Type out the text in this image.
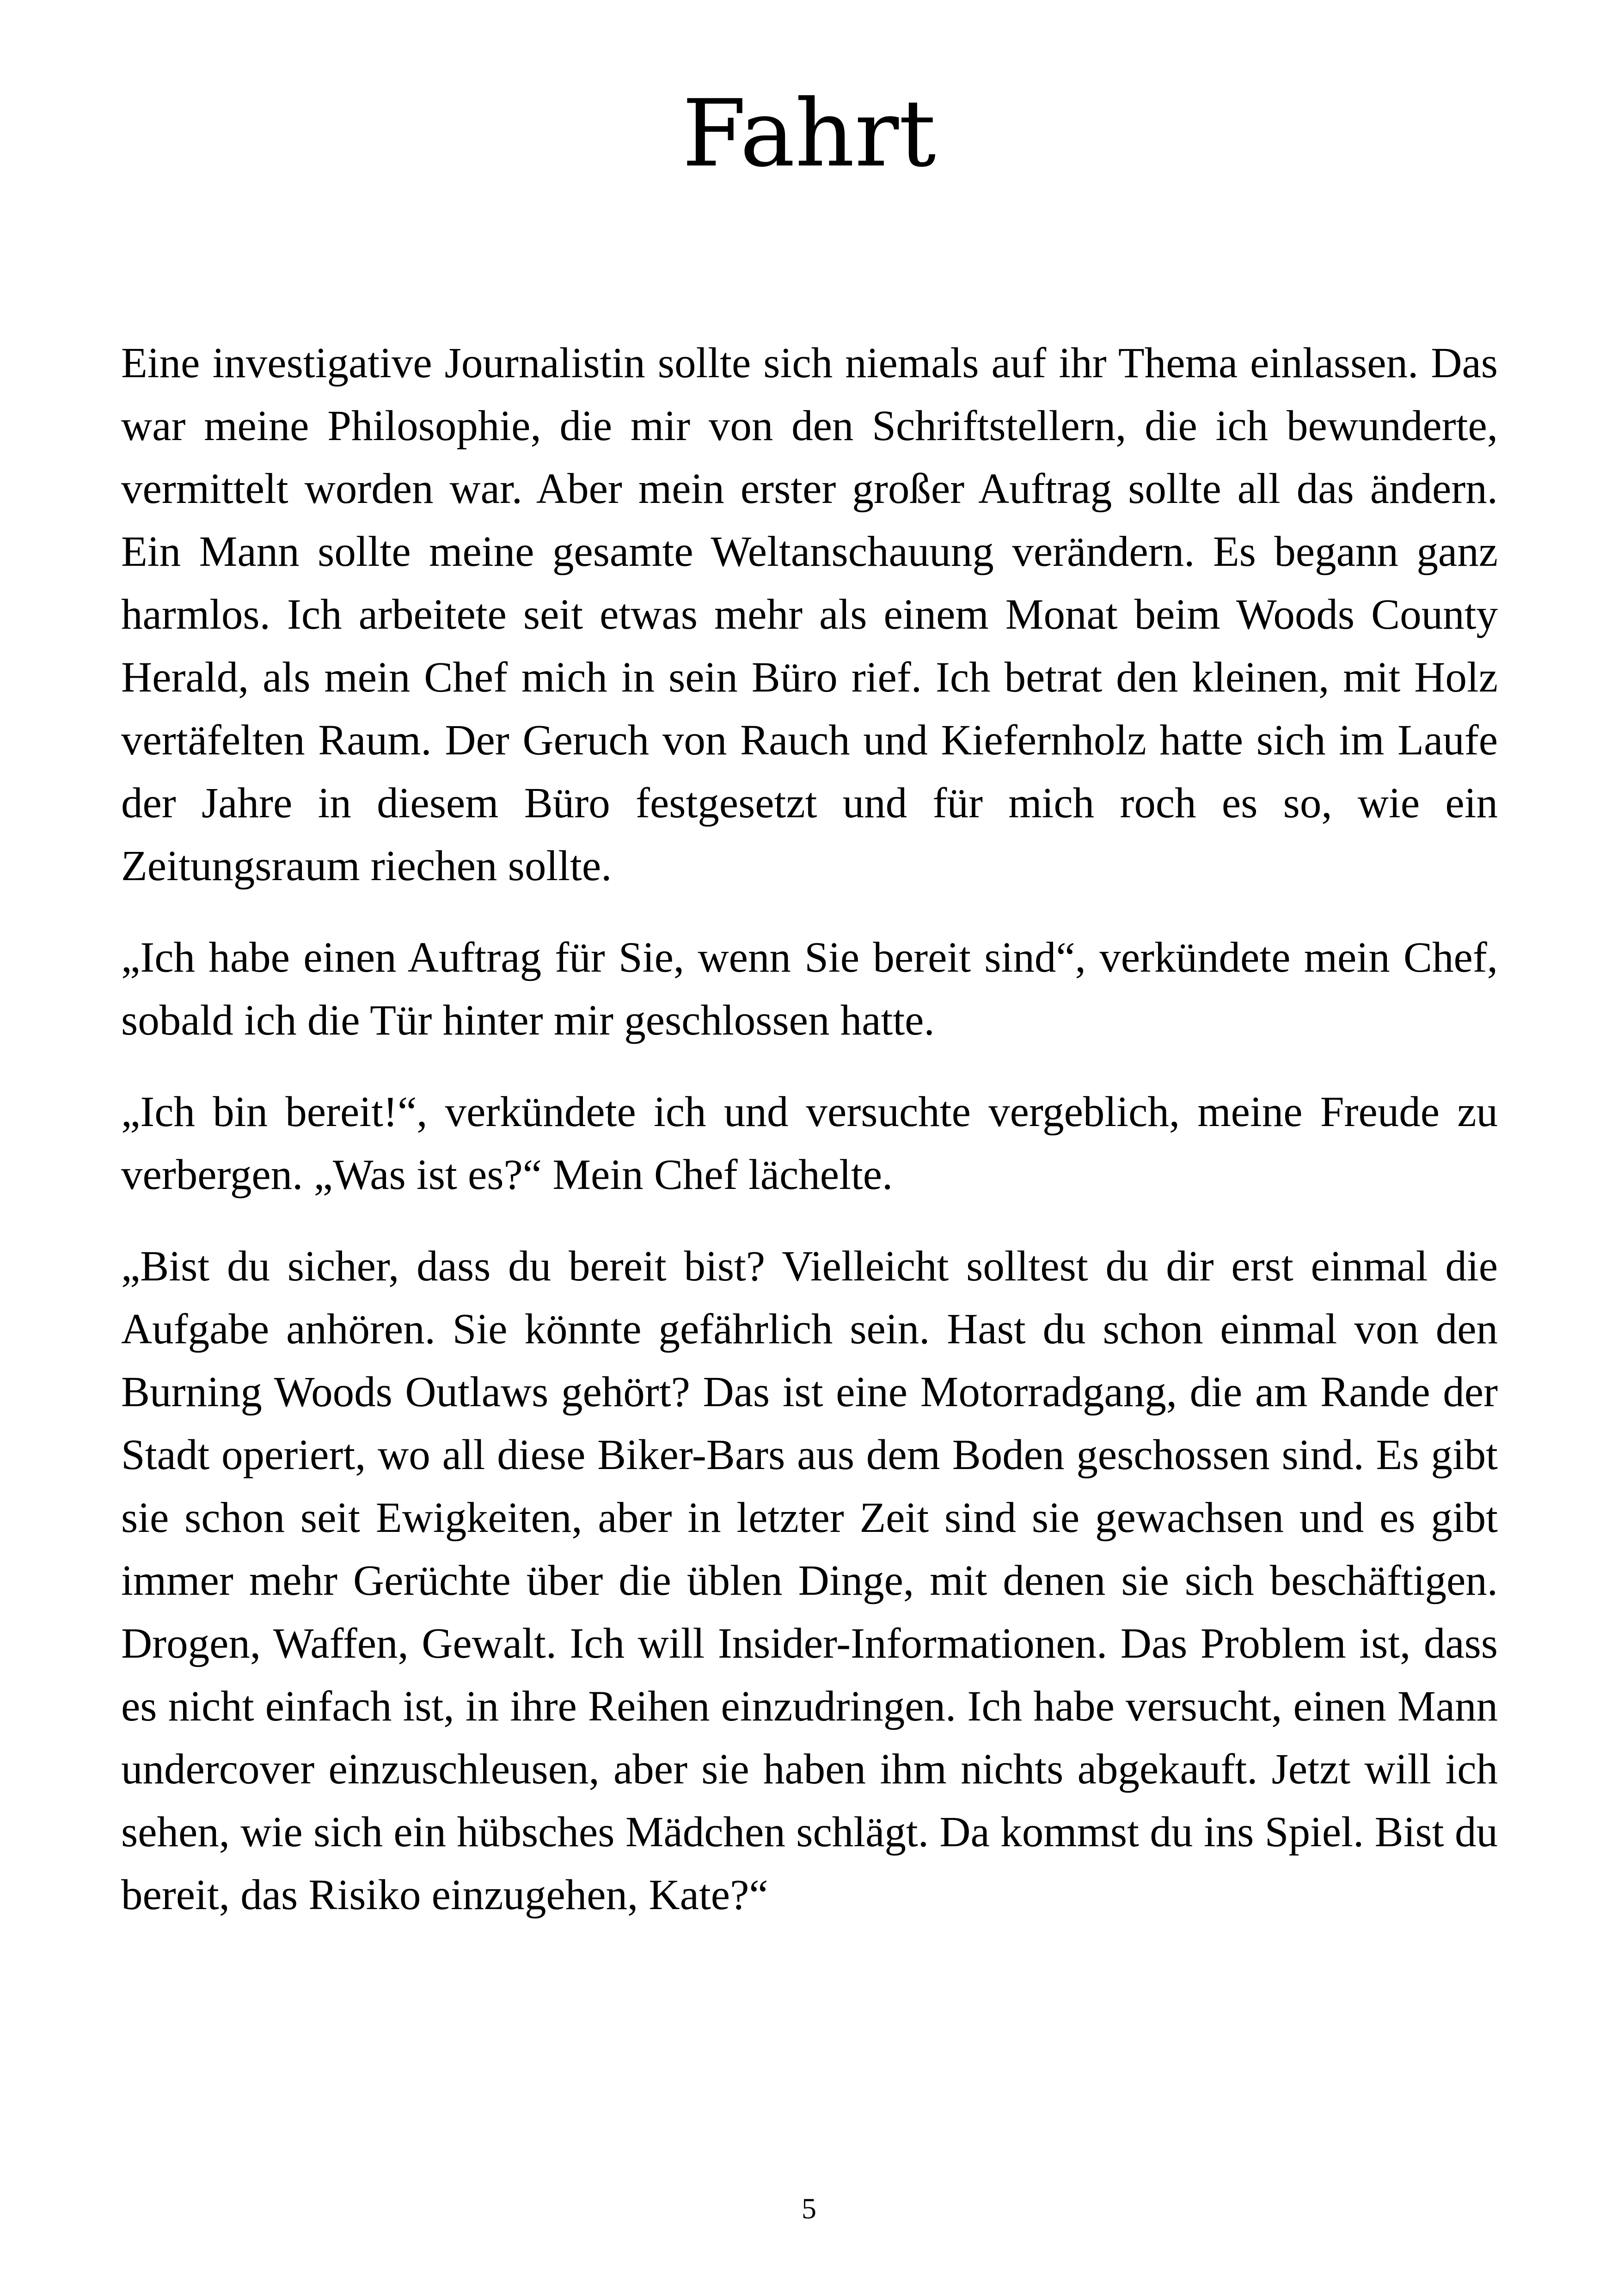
Fahrt

Eine investigative Journalistin sollte sich niemals auf ihr Thema einlassen. Das war meine Philosophie, die mir von den Schriftstellern, die ich bewunderte, vermittelt worden war. Aber mein erster großer Auftrag sollte all das ändern. Ein Mann sollte meine gesamte Weltanschauung verändern. Es begann ganz harmlos. Ich arbeitete seit etwas mehr als einem Monat beim Woods County Herald, als mein Chef mich in sein Büro rief. Ich betrat den kleinen, mit Holz vertäfelten Raum. Der Geruch von Rauch und Kiefernholz hatte sich im Laufe der Jahre in diesem Büro festgesetzt und für mich roch es so, wie ein Zeitungsraum riechen sollte.

„Ich habe einen Auftrag für Sie, wenn Sie bereit sind“, verkündete mein Chef, sobald ich die Tür hinter mir geschlossen hatte.

„Ich bin bereit!“, verkündete ich und versuchte vergeblich, meine Freude zu verbergen. „Was ist es?“ Mein Chef lächelte.

„Bist du sicher, dass du bereit bist? Vielleicht solltest du dir erst einmal die Aufgabe anhören. Sie könnte gefährlich sein. Hast du schon einmal von den Burning Woods Outlaws gehört? Das ist eine Motorradgang, die am Rande der Stadt operiert, wo all diese Biker-Bars aus dem Boden geschossen sind. Es gibt sie schon seit Ewigkeiten, aber in letzter Zeit sind sie gewachsen und es gibt immer mehr Gerüchte über die üblen Dinge, mit denen sie sich beschäftigen. Drogen, Waffen, Gewalt. Ich will Insider-Informationen. Das Problem ist, dass es nicht einfach ist, in ihre Reihen einzudringen. Ich habe versucht, einen Mann undercover einzuschleusen, aber sie haben ihm nichts abgekauft. Jetzt will ich sehen, wie sich ein hübsches Mädchen schlägt. Da kommst du ins Spiel. Bist du bereit, das Risiko einzugehen, Kate?“

5
